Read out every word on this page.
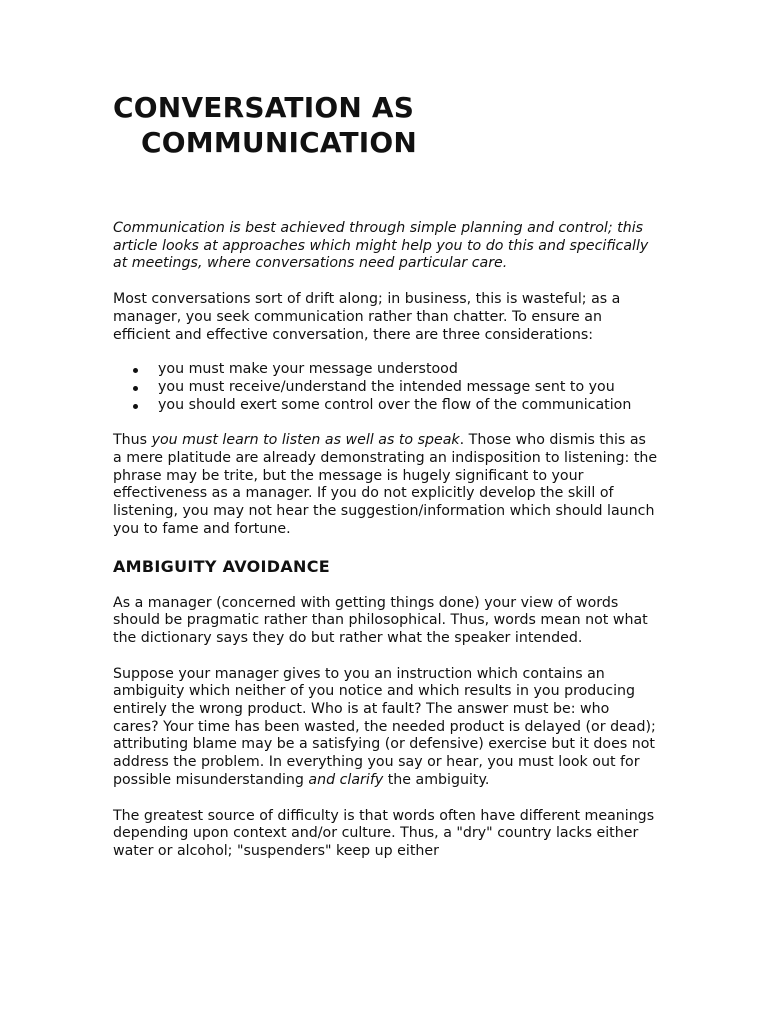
CONVERSATION AS
COMMUNICATION

Communication is best achieved through simple planning and control; this article looks at approaches which might help you to do this and specifically at meetings, where conversations need particular care.

Most conversations sort of drift along; in business, this is wasteful; as a manager, you seek communication rather than chatter. To ensure an efficient and effective conversation, there are three considerations:

you must make your message understood
you must receive/understand the intended message sent to you
you should exert some control over the flow of the communication

Thus you must learn to listen as well as to speak. Those who dismis this as a mere platitude are already demonstrating an indisposition to listening: the phrase may be trite, but the message is hugely significant to your effectiveness as a manager. If you do not explicitly develop the skill of listening, you may not hear the suggestion/information which should launch you to fame and fortune.

AMBIGUITY AVOIDANCE

As a manager (concerned with getting things done) your view of words should be pragmatic rather than philosophical. Thus, words mean not what the dictionary says they do but rather what the speaker intended.

Suppose your manager gives to you an instruction which contains an ambiguity which neither of you notice and which results in you producing entirely the wrong product. Who is at fault? The answer must be: who cares? Your time has been wasted, the needed product is delayed (or dead); attributing blame may be a satisfying (or defensive) exercise but it does not address the problem. In everything you say or hear, you must look out for possible misunderstanding and clarify the ambiguity.

The greatest source of difficulty is that words often have different meanings depending upon context and/or culture. Thus, a "dry" country lacks either water or alcohol; "suspenders" keep up either
